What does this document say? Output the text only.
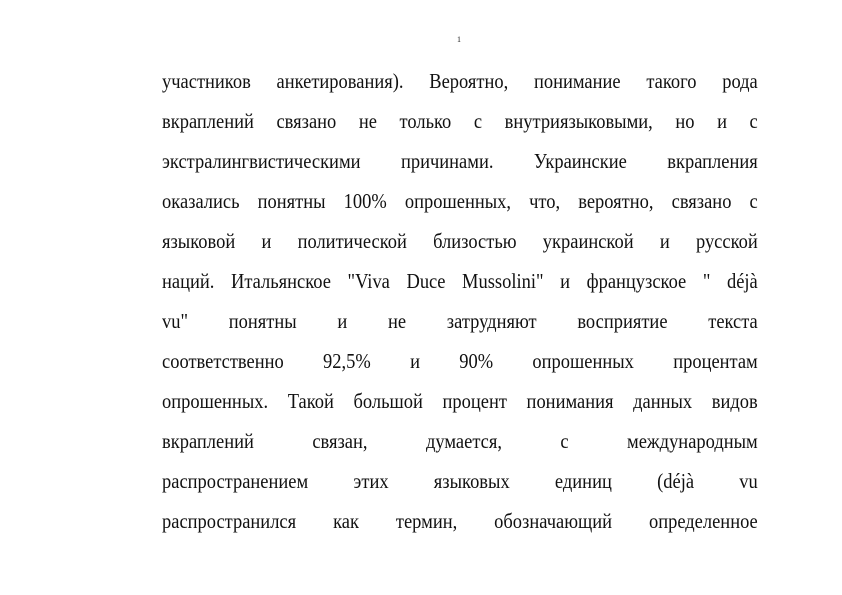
1
участников анкетирования). Вероятно, понимание такого рода
вкраплений связано не только с внутриязыковыми, но и с
экстралингвистическими причинами. Украинские вкрапления
оказались понятны 100% опрошенных, что, вероятно, связано с
языковой и политической близостью украинской и русской
наций. Итальянское "Viva Duce Mussolini" и французское " déjà
vu" понятны и не затрудняют восприятие текста
соответственно 92,5% и 90% опрошенных процентам
опрошенных. Такой большой процент понимания данных видов
вкраплений связан, думается, с международным
распространением этих языковых единиц (déjà vu
распространился как термин, обозначающий определенное
